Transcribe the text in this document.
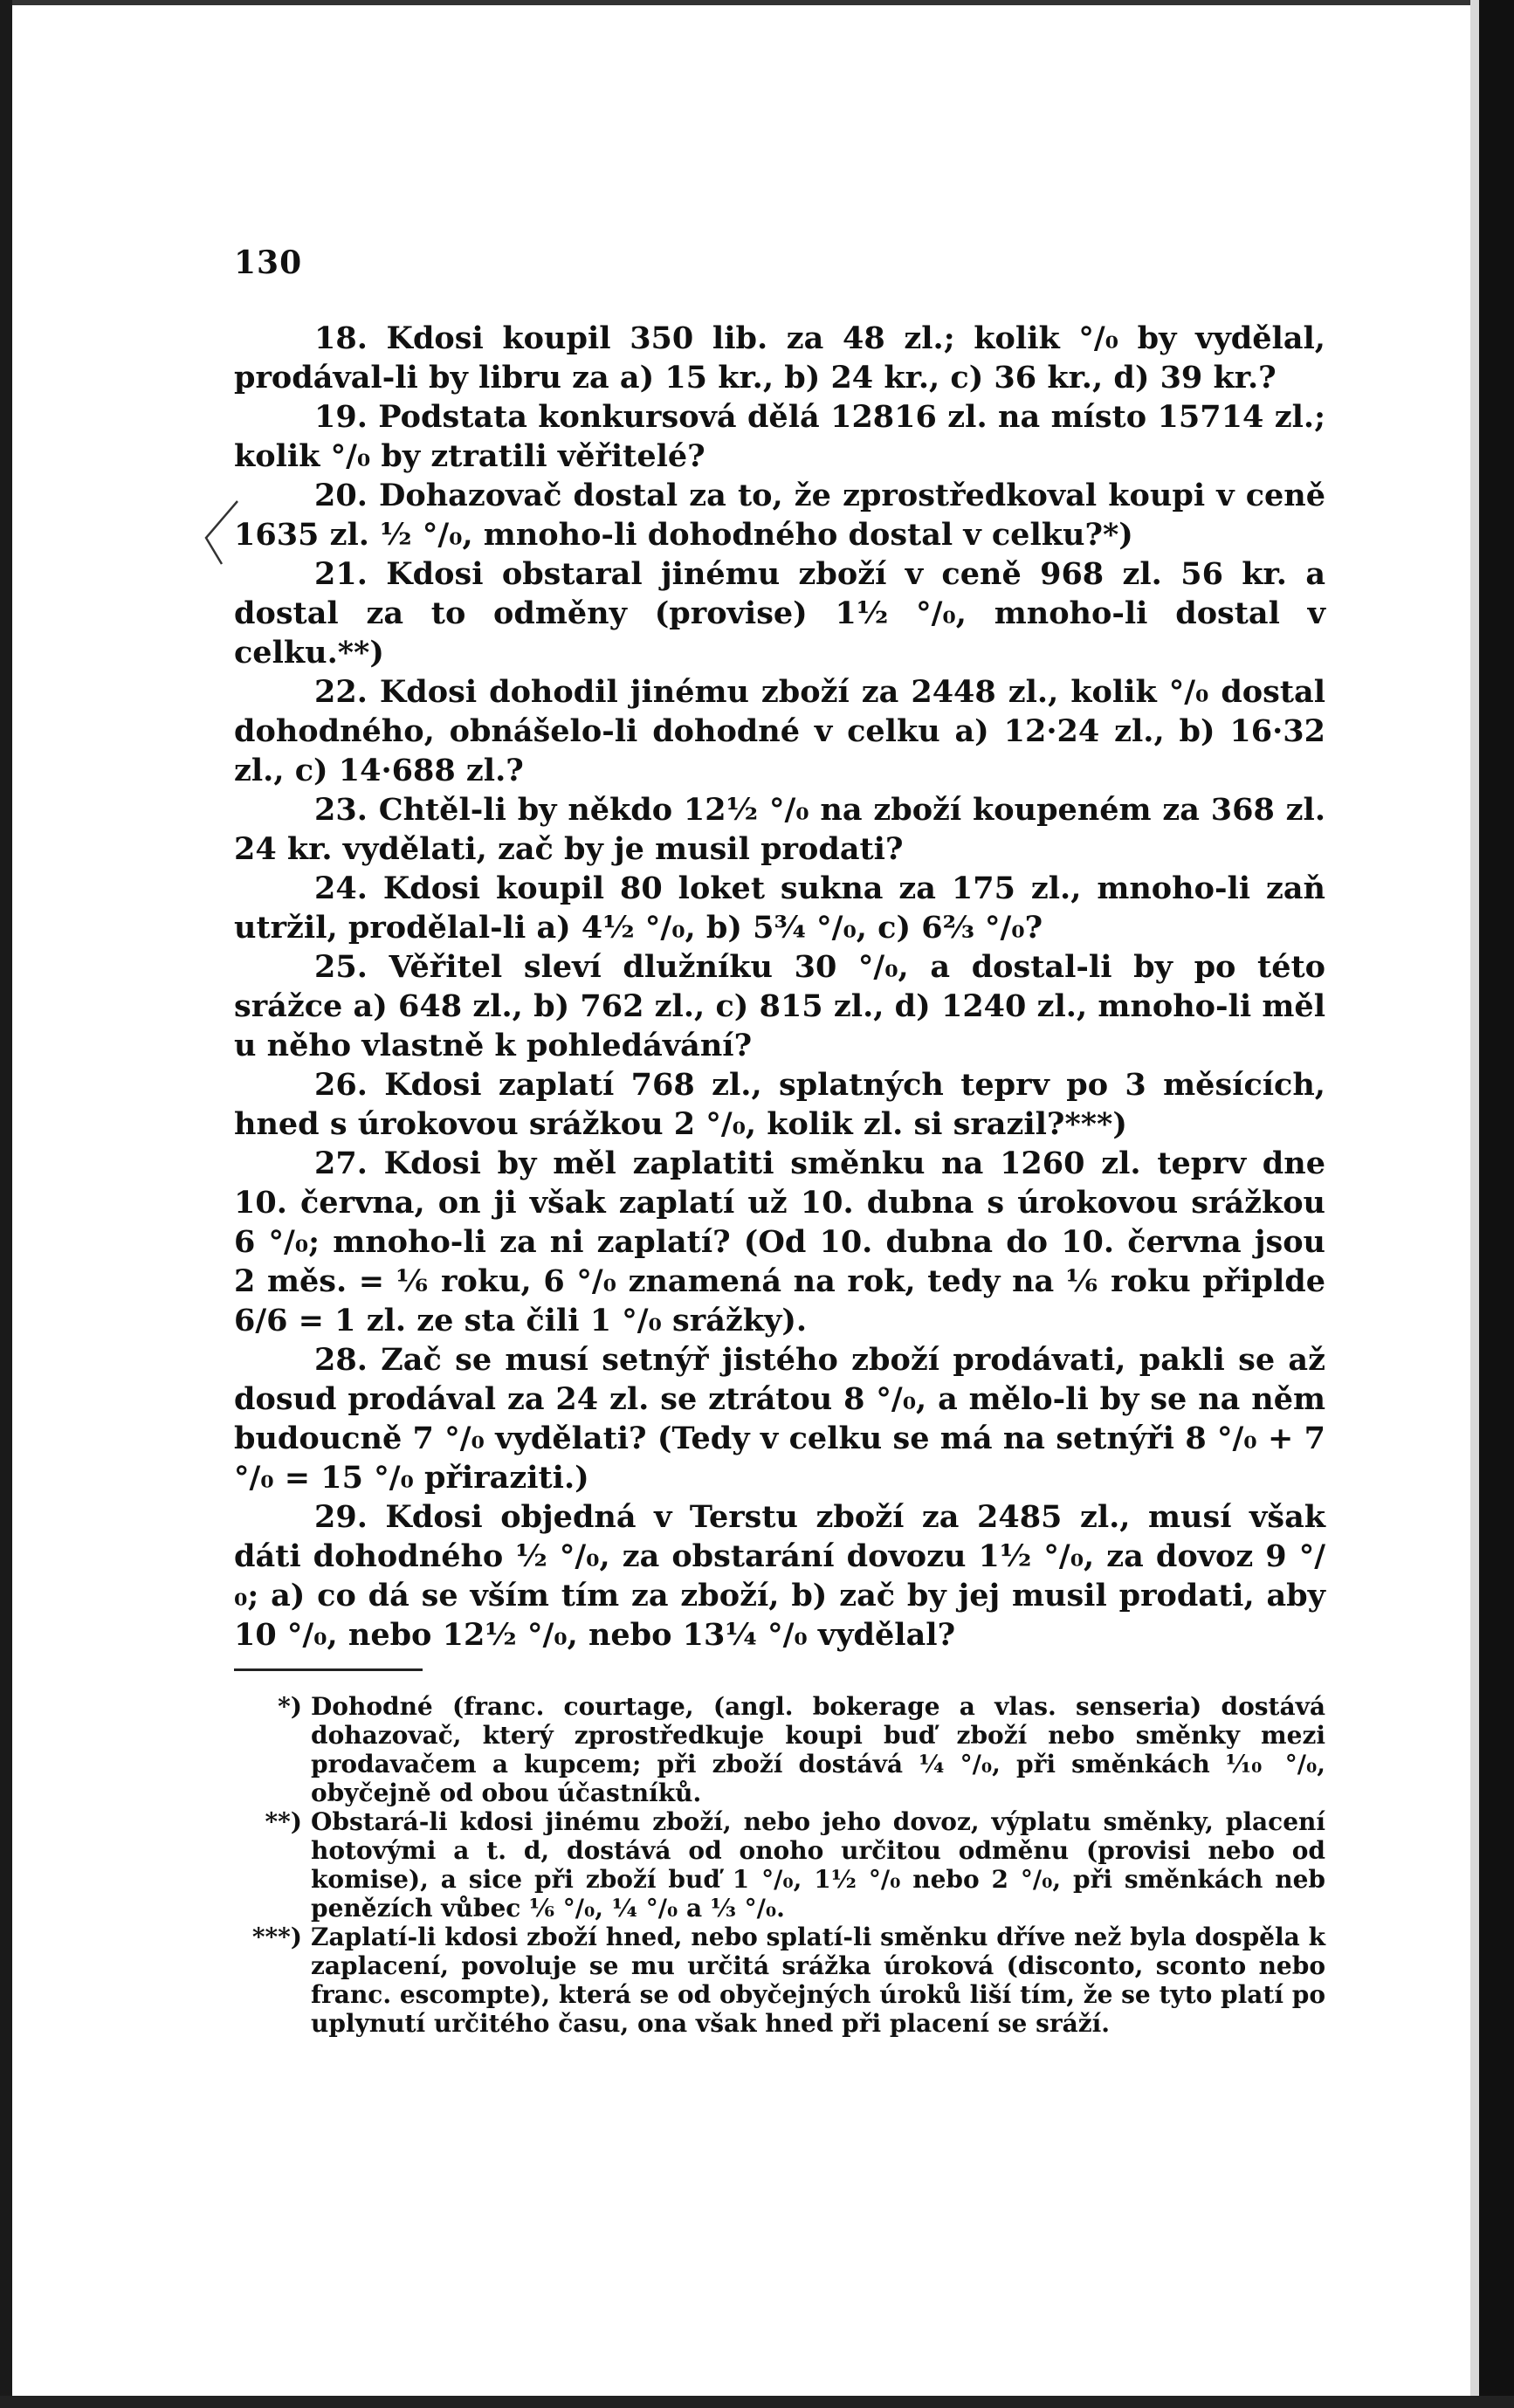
130

18. Kdosi koupil 350 lib. za 48 zl.; kolik °/₀ by vydělal, prodával-li by libru za a) 15 kr., b) 24 kr., c) 36 kr., d) 39 kr.?

19. Podstata konkursová dělá 12816 zl. na místo 15714 zl.; kolik °/₀ by ztratili věřitelé?

20. Dohazovač dostal za to, že zprostředkoval koupi v ceně 1635 zl. ½ °/₀, mnoho-li dohodného dostal v celku?*)

21. Kdosi obstaral jinému zboží v ceně 968 zl. 56 kr. a dostal za to odměny (provise) 1½ °/₀, mnoho-li dostal v celku.**)

22. Kdosi dohodil jinému zboží za 2448 zl., kolik °/₀ dostal dohodného, obnášelo-li dohodné v celku a) 12·24 zl., b) 16·32 zl., c) 14·688 zl.?

23. Chtěl-li by někdo 12½ °/₀ na zboží koupeném za 368 zl. 24 kr. vydělati, zač by je musil prodati?

24. Kdosi koupil 80 loket sukna za 175 zl., mnoho-li zaň utržil, prodělal-li a) 4½ °/₀, b) 5¾ °/₀, c) 6⅔ °/₀?

25. Věřitel sleví dlužníku 30 °/₀, a dostal-li by po této srážce a) 648 zl., b) 762 zl., c) 815 zl., d) 1240 zl., mnoho-li měl u něho vlastně k pohledávání?

26. Kdosi zaplatí 768 zl., splatných teprv po 3 měsících, hned s úrokovou srážkou 2 °/₀, kolik zl. si srazil?***)

27. Kdosi by měl zaplatiti směnku na 1260 zl. teprv dne 10. června, on ji však zaplatí už 10. dubna s úrokovou srážkou 6 °/₀; mnoho-li za ni zaplatí? (Od 10. dubna do 10. června jsou 2 měs. = ⅙ roku, 6 °/₀ znamená na rok, tedy na ⅙ roku připlde 6/6 = 1 zl. ze sta čili 1 °/₀ srážky).

28. Zač se musí setnýř jistého zboží prodávati, pakli se až dosud prodával za 24 zl. se ztrátou 8 °/₀, a mělo-li by se na něm budoucně 7 °/₀ vydělati? (Tedy v celku se má na setnýři 8 °/₀ + 7 °/₀ = 15 °/₀ přiraziti.)

29. Kdosi objedná v Terstu zboží za 2485 zl., musí však dáti dohodného ½ °/₀, za obstarání dovozu 1½ °/₀, za dovoz 9 °/₀; a) co dá se vším tím za zboží, b) zač by jej musil prodati, aby 10 °/₀, nebo 12½ °/₀, nebo 13¼ °/₀ vydělal?

*) Dohodné (franc. courtage, (angl. bokerage a vlas. senseria) dostává dohazovač, který zprostředkuje koupi buď zboží nebo směnky mezi prodavačem a kupcem; při zboží dostává ¼ °/₀, při směnkách ⅒ °/₀, obyčejně od obou účastníků.
**) Obstará-li kdosi jinému zboží, nebo jeho dovoz, výplatu směnky, placení hotovými a t. d, dostává od onoho určitou odměnu (provisi nebo od komise), a sice při zboží buď 1 °/₀, 1½ °/₀ nebo 2 °/₀, při směnkách neb penězích vůbec ⅙ °/₀, ¼ °/₀ a ⅓ °/₀.
***) Zaplatí-li kdosi zboží hned, nebo splatí-li směnku dříve než byla dospěla k zaplacení, povoluje se mu určitá srážka úroková (disconto, sconto nebo franc. escompte), která se od obyčejných úroků liší tím, že se tyto platí po uplynutí určitého času, ona však hned při placení se sráží.
